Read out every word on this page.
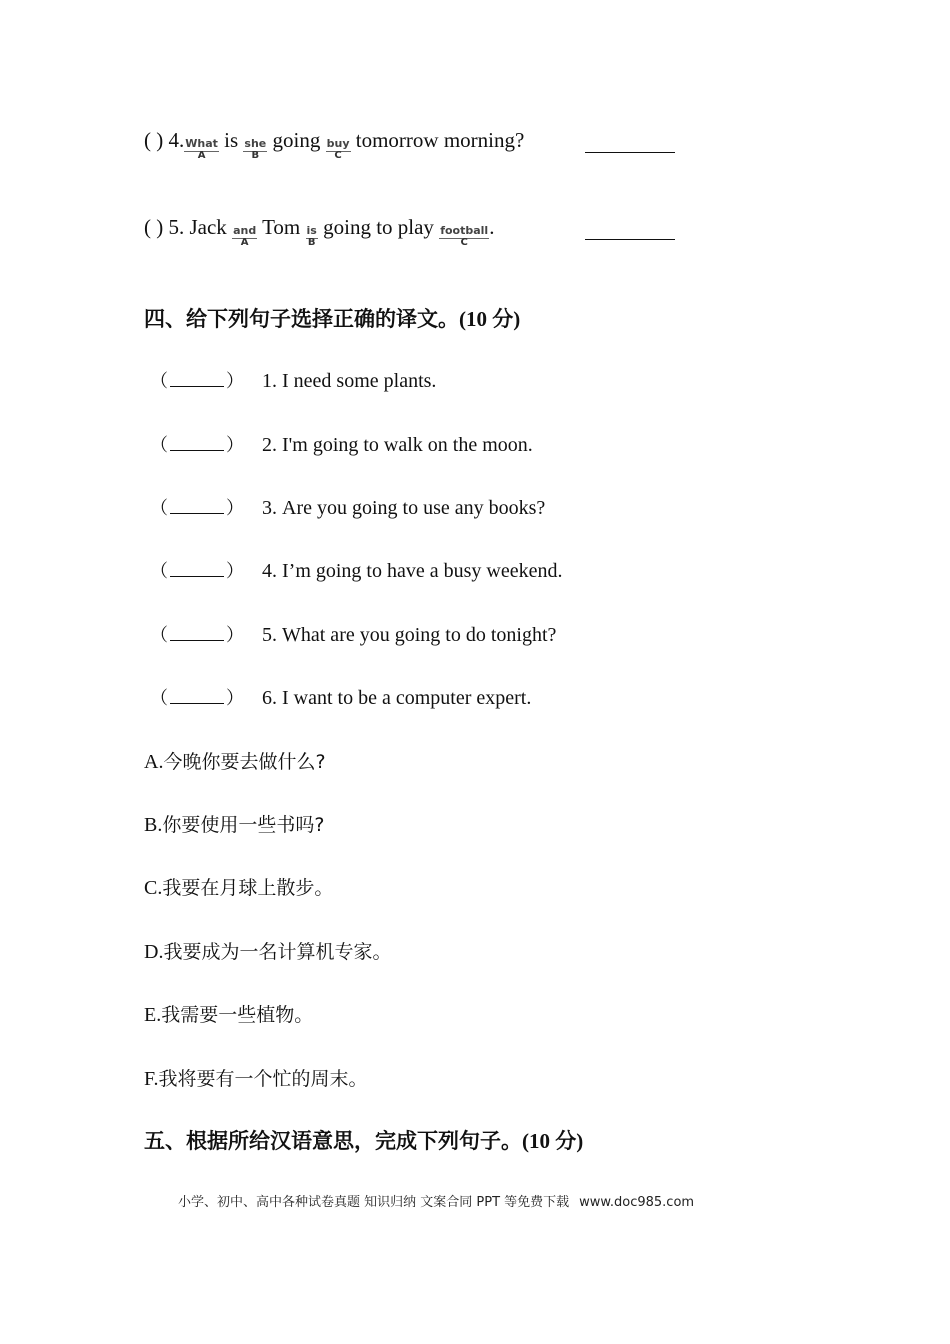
( ) 4.What
A
is she
B
going buy
C
tomorrow morning?
( ) 5. Jack and
A
Tom $\frac{is}{B}$ going to play football
C
.
四、给下列句子选择正确的译文。(10 分)
（	） 1. I need some plants.
（	） 2. I'm going to walk on the moon.
（	） 3. Are you going to use any books?
（	） 4. I’m going to have a busy weekend.
（	） 5. What are you going to do tonight?
（	） 6. I want to be a computer expert.
A.今晚你要去做什么?
B.你要使用一些书吗?
C.我要在月球上散步。
D.我要成为一名计算机专家。
E.我需要一些植物。
F.我将要有一个忙的周末。
五、根据所给汉语意思，完成下列句子。(10 分)
小学、初中、高中各种试卷真题 知识归纳 文案合同 PPT 等免费下载 www.doc985.com
